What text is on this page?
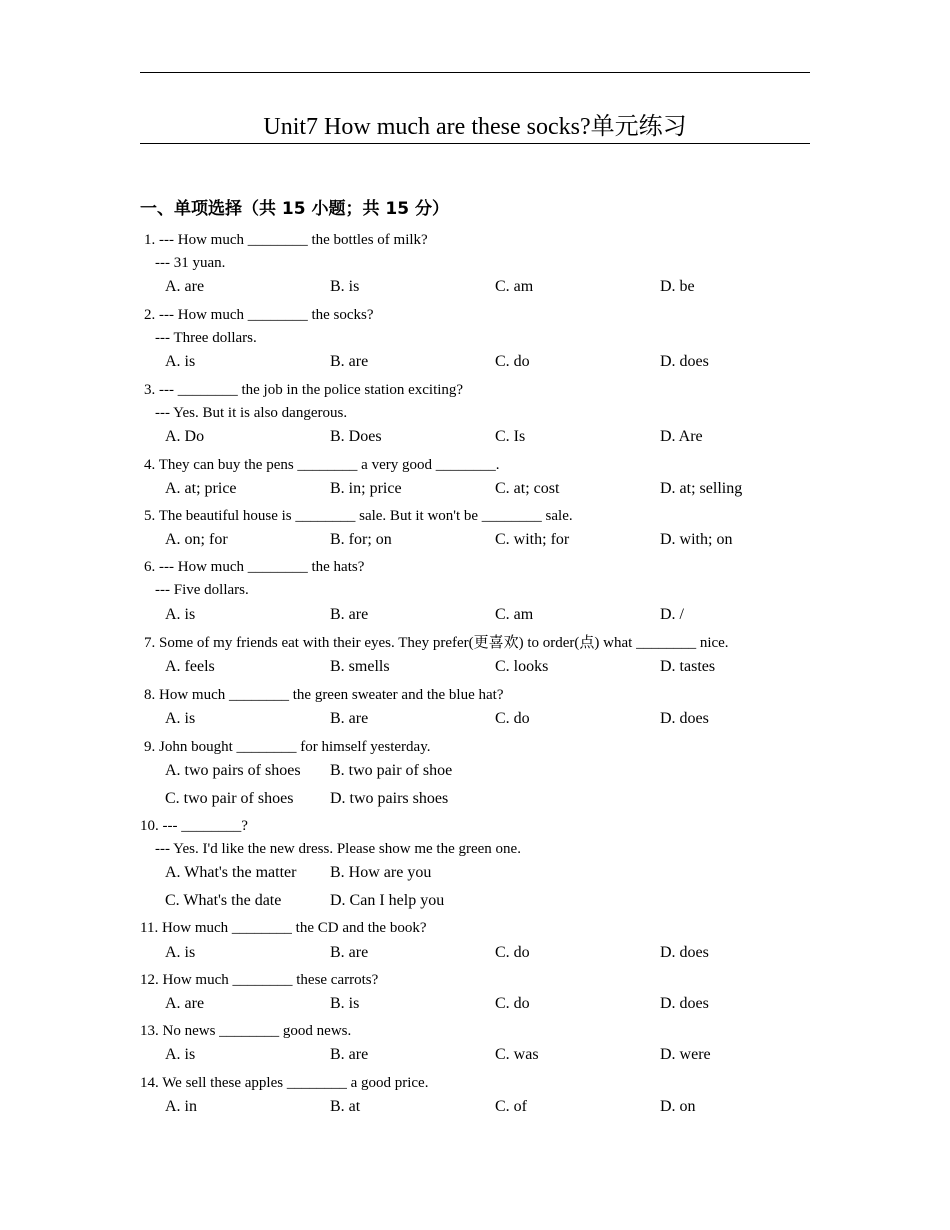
Unit7 How much are these socks?单元练习
一、单项选择（共 15 小题；共 15 分）
1. --- How much ________ the bottles of milk?
--- 31 yuan.
A. are	B. is	C. am	D. be
2. --- How much ________ the socks?
--- Three dollars.
A. is	B. are	C. do	D. does
3. --- ________ the job in the police station exciting?
--- Yes. But it is also dangerous.
A. Do	B. Does	C. Is	D. Are
4. They can buy the pens ________ a very good ________.
A. at; price	B. in; price	C. at; cost	D. at; selling
5. The beautiful house is ________ sale. But it won't be ________ sale.
A. on; for	B. for; on	C. with; for	D. with; on
6. --- How much ________ the hats?
--- Five dollars.
A. is	B. are	C. am	D. /
7. Some of my friends eat with their eyes. They prefer(更喜欢) to order(点) what ________ nice.
A. feels	B. smells	C. looks	D. tastes
8. How much ________ the green sweater and the blue hat?
A. is	B. are	C. do	D. does
9. John bought ________ for himself yesterday.
A. two pairs of shoes B. two pair of shoe
C. two pair of shoes D. two pairs shoes
10. --- ________?
--- Yes. I'd like the new dress. Please show me the green one.
A. What's the matter B. How are you
C. What's the date	D. Can I help you
11. How much ________ the CD and the book?
A. is	B. are	C. do	D. does
12. How much ________ these carrots?
A. are	B. is	C. do	D. does
13. No news ________ good news.
A. is	B. are	C. was	D. were
14. We sell these apples ________ a good price.
A. in	B. at	C. of	D. on
